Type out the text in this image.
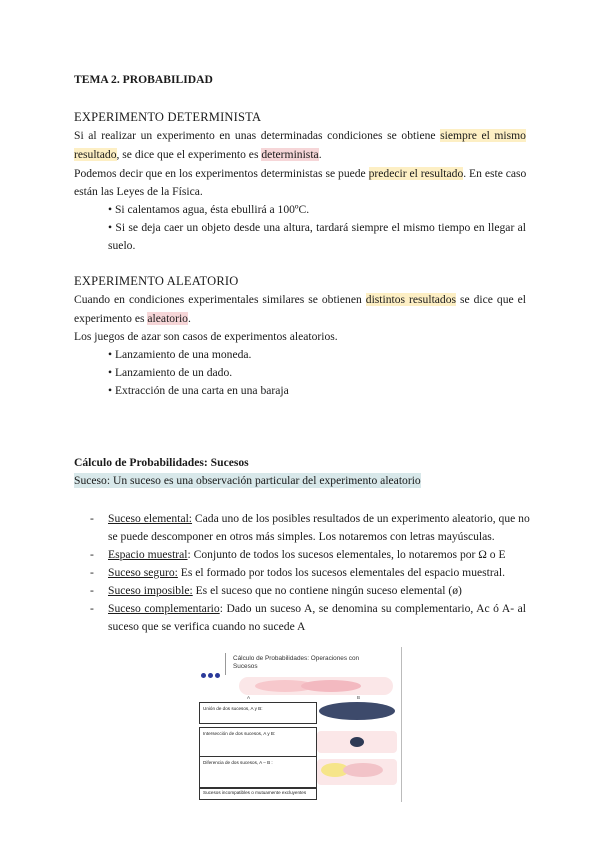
TEMA 2. PROBABILIDAD
EXPERIMENTO DETERMINISTA
Si al realizar un experimento en unas determinadas condiciones se obtiene siempre el mismo
resultado, se dice que el experimento es determinista.
Podemos decir que en los experimentos deterministas se puede predecir el resultado. En este caso
están las Leyes de la Física.
• Si calentamos agua, ésta ebullirá a 100ºC.
• Si se deja caer un objeto desde una altura, tardará siempre el mismo tiempo en llegar al
suelo.
EXPERIMENTO ALEATORIO
Cuando en condiciones experimentales similares se obtienen distintos resultados se dice que el
experimento es aleatorio.
Los juegos de azar son casos de experimentos aleatorios.
• Lanzamiento de una moneda.
• Lanzamiento de un dado.
• Extracción de una carta en una baraja
Cálculo de Probabilidades: Sucesos
Suceso: Un suceso es una observación particular del experimento aleatorio
- Suceso elemental: Cada uno de los posibles resultados de un experimento aleatorio, que no
se puede descomponer en otros más simples. Los notaremos con letras mayúsculas.
- Espacio muestral: Conjunto de todos los sucesos elementales, lo notaremos por Ω o E
- Suceso seguro: Es el formado por todos los sucesos elementales del espacio muestral.
- Suceso imposible: Es el suceso que no contiene ningún suceso elemental (ø)
- Suceso complementario: Dado un suceso A, se denomina su complementario, Ac ó A- al
suceso que se verifica cuando no sucede A
Cálculo de Probabilidades: Operaciones con Sucesos
A	B
Unión de dos sucesos, A y B:
Intersección de dos sucesos, A y B:
Diferencia de dos sucesos, A – B :
Sucesos incompatibles o mutuamente excluyentes
